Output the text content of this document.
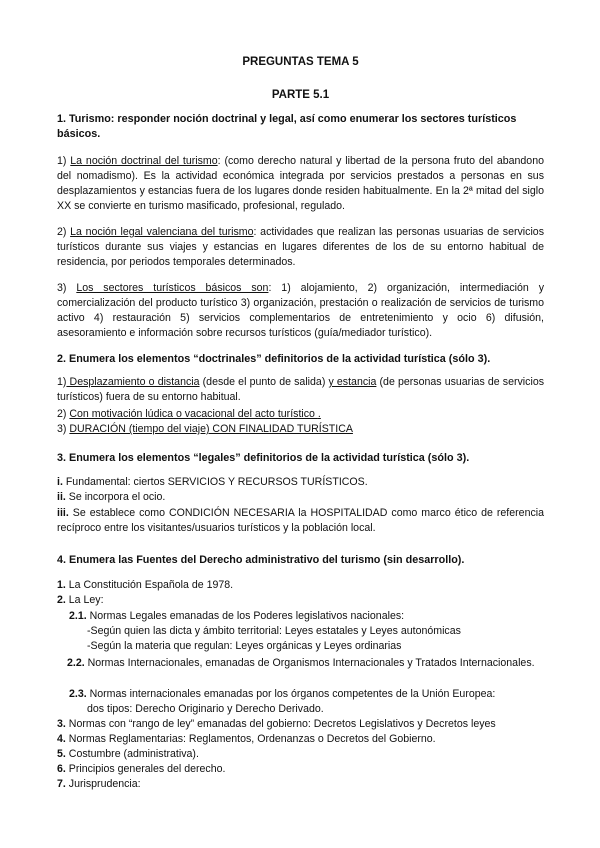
PREGUNTAS TEMA 5
PARTE 5.1
1. Turismo: responder noción doctrinal y legal, así como enumerar los sectores turísticos básicos.
1) La noción doctrinal del turismo: (como derecho natural y libertad de la persona fruto del abandono del nomadismo). Es la actividad económica integrada por servicios prestados a personas en sus desplazamientos y estancias fuera de los lugares donde residen habitualmente. En la 2ª mitad del siglo XX se convierte en turismo masificado, profesional, regulado.
2) La noción legal valenciana del turismo: actividades que realizan las personas usuarias de servicios turísticos durante sus viajes y estancias en lugares diferentes de los de su entorno habitual de residencia, por periodos temporales determinados.
3) Los sectores turísticos básicos son: 1) alojamiento, 2) organización, intermediación y comercialización del producto turístico 3) organización, prestación o realización de servicios de turismo activo 4) restauración 5) servicios complementarios de entretenimiento y ocio 6) difusión, asesoramiento e información sobre recursos turísticos (guía/mediador turístico).
2. Enumera los elementos “doctrinales” definitorios de la actividad turística (sólo 3).
1) Desplazamiento o distancia (desde el punto de salida) y estancia (de personas usuarias de servicios turísticos) fuera de su entorno habitual.
2) Con motivación lúdica o vacacional del acto turístico .
3) DURACIÓN (tiempo del viaje) CON FINALIDAD TURÍSTICA
3. Enumera los elementos “legales” definitorios de la actividad turística (sólo 3).
i. Fundamental: ciertos SERVICIOS Y RECURSOS TURÍSTICOS.
ii. Se incorpora el ocio.
iii. Se establece como CONDICIÓN NECESARIA la HOSPITALIDAD como marco ético de referencia recíproco entre los visitantes/usuarios turísticos y la población local.
4. Enumera las Fuentes del Derecho administrativo del turismo (sin desarrollo).
1. La Constitución Española de 1978.
2. La Ley:
2.1. Normas Legales emanadas de los Poderes legislativos nacionales:
-Según quien las dicta y ámbito territorial: Leyes estatales y Leyes autonómicas
-Según la materia que regulan: Leyes orgánicas y Leyes ordinarias
2.2. Normas Internacionales, emanadas de Organismos Internacionales y Tratados Internacionales.
2.3. Normas internacionales emanadas por los órganos competentes de la Unión Europea:
dos tipos: Derecho Originario y Derecho Derivado.
3. Normas con “rango de ley” emanadas del gobierno: Decretos Legislativos y Decretos leyes
4. Normas Reglamentarias: Reglamentos, Ordenanzas o Decretos del Gobierno.
5. Costumbre (administrativa).
6. Principios generales del derecho.
7. Jurisprudencia:
